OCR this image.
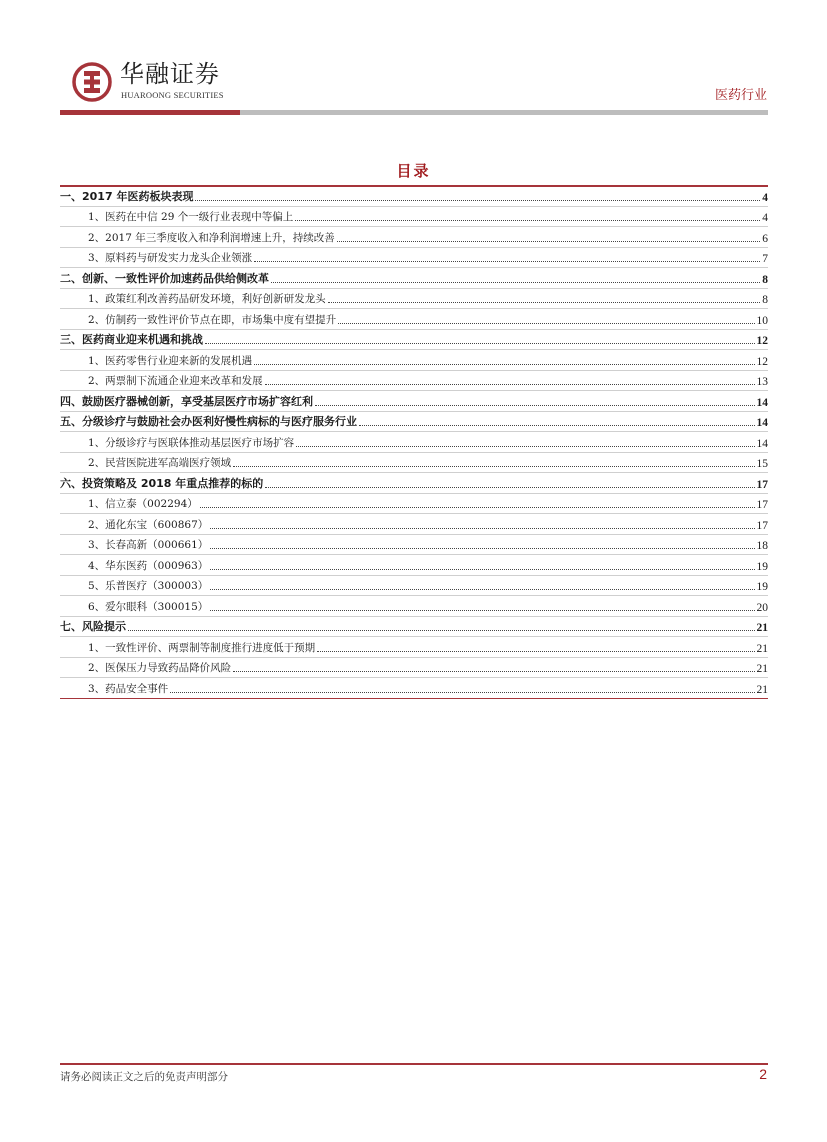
华融证券
HUAROONG SECURITIES	医药行业
目录
一、2017 年医药板块表现	4
1、医药在中信 29 个一级行业表现中等偏上	4
2、2017 年三季度收入和净利润增速上升，持续改善	6
3、原料药与研发实力龙头企业领涨	7
二、创新、一致性评价加速药品供给侧改革	8
1、政策红利改善药品研发环境，利好创新研发龙头	8
2、仿制药一致性评价节点在即，市场集中度有望提升	10
三、医药商业迎来机遇和挑战	12
1、医药零售行业迎来新的发展机遇	12
2、两票制下流通企业迎来改革和发展	13
四、鼓励医疗器械创新，享受基层医疗市场扩容红利	14
五、分级诊疗与鼓励社会办医利好慢性病标的与医疗服务行业	14
1、分级诊疗与医联体推动基层医疗市场扩容	14
2、民营医院进军高端医疗领域	15
六、投资策略及 2018 年重点推荐的标的	17
1、信立泰（002294）	17
2、通化东宝（600867）	17
3、长春高新（000661）	18
4、华东医药（000963）	19
5、乐普医疗（300003）	19
6、爱尔眼科（300015）	20
七、风险提示	21
1、一致性评价、两票制等制度推行进度低于预期	21
2、医保压力导致药品降价风险	21
3、药品安全事件	21
请务必阅读正文之后的免责声明部分	2
